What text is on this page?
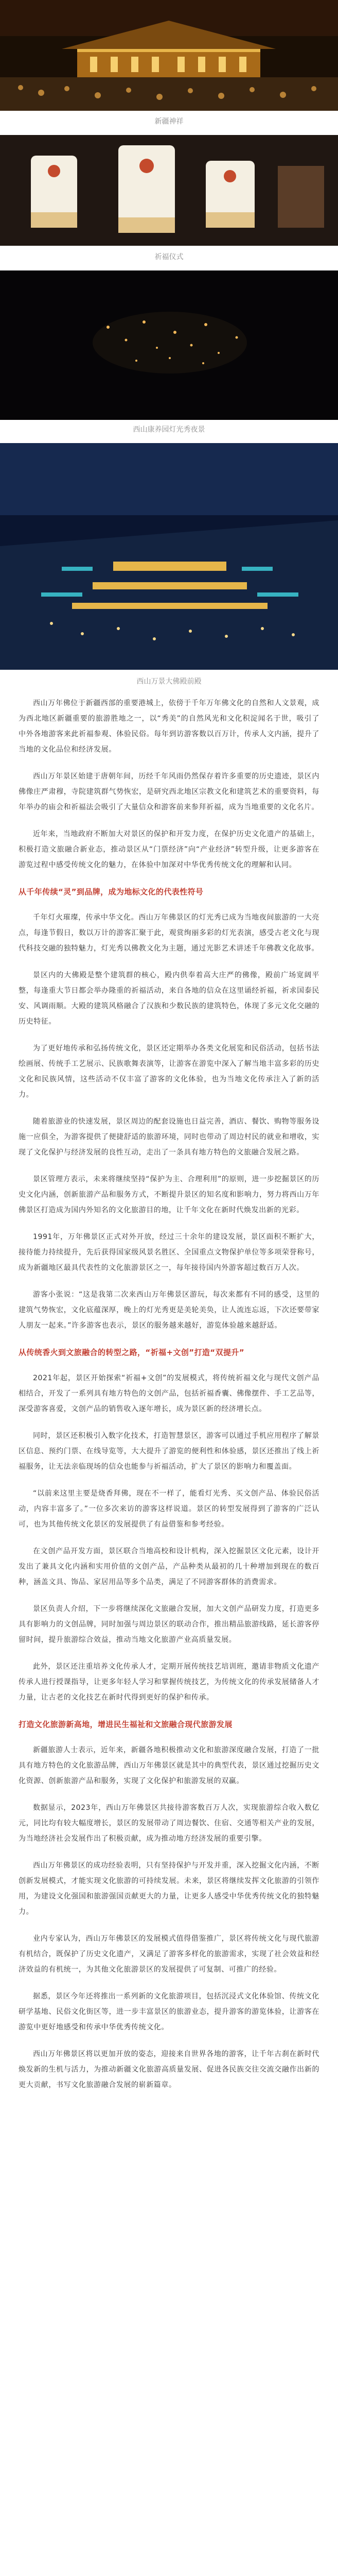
新疆神祥
祈福仪式
西山康养园灯光秀夜景
西山万景大佛殿前殿

西山万年佛位于新疆西部的重要港城上，依傍于千年万年佛文化的自然和人文景观，成为西北地区新疆重要的旅游胜地之一，以“秀美”的自然风光和文化积淀闻名于世，吸引了中外各地游客来此祈福参观、体验民俗。每年到访游客数以百万计，传承人文内涵，提升了当地的文化品位和经济发展。

西山万年景区始建于唐朝年间，历经千年风雨仍然保存着许多重要的历史遗迹，景区内佛像庄严肃穆，寺院建筑群气势恢宏，是研究西北地区宗教文化和建筑艺术的重要资料，每年举办的庙会和祈福法会吸引了大量信众和游客前来参拜祈福，成为当地重要的文化名片。

近年来，当地政府不断加大对景区的保护和开发力度，在保护历史文化遗产的基础上，积极打造文旅融合新业态，推动景区从“门票经济”向“产业经济”转型升级，让更多游客在游览过程中感受传统文化的魅力，在体验中加深对中华优秀传统文化的理解和认同。

从千年传续“灵”到品牌，成为地标文化的代表性符号

千年灯火璀璨，传承中华文化。西山万年佛景区的灯光秀已成为当地夜间旅游的一大亮点，每逢节假日，数以万计的游客汇聚于此，观赏绚丽多彩的灯光表演，感受古老文化与现代科技交融的独特魅力，灯光秀以佛教文化为主题，通过光影艺术讲述千年佛教文化故事。

景区内的大佛殿是整个建筑群的核心，殿内供奉着高大庄严的佛像，殿前广场宽阔平整，每逢重大节日都会举办隆重的祈福活动，来自各地的信众在这里诵经祈福，祈求国泰民安、风调雨顺。大殿的建筑风格融合了汉族和少数民族的建筑特色，体现了多元文化交融的历史特征。

为了更好地传承和弘扬传统文化，景区还定期举办各类文化展览和民俗活动，包括书法绘画展、传统手工艺展示、民族歌舞表演等，让游客在游览中深入了解当地丰富多彩的历史文化和民族风情，这些活动不仅丰富了游客的文化体验，也为当地文化传承注入了新的活力。

随着旅游业的快速发展，景区周边的配套设施也日益完善，酒店、餐饮、购物等服务设施一应俱全，为游客提供了便捷舒适的旅游环境，同时也带动了周边村民的就业和增收，实现了文化保护与经济发展的良性互动，走出了一条具有地方特色的文旅融合发展之路。

景区管理方表示，未来将继续坚持“保护为主、合理利用”的原则，进一步挖掘景区的历史文化内涵，创新旅游产品和服务方式，不断提升景区的知名度和影响力，努力将西山万年佛景区打造成为国内外知名的文化旅游目的地，让千年文化在新时代焕发出新的光彩。

1991年，万年佛景区正式对外开放，经过三十余年的建设发展，景区面积不断扩大，接待能力持续提升，先后获得国家级风景名胜区、全国重点文物保护单位等多项荣誉称号，成为新疆地区最具代表性的文化旅游景区之一，每年接待国内外游客超过数百万人次。

游客小张说：“这是我第二次来西山万年佛景区游玩，每次来都有不同的感受，这里的建筑气势恢宏，文化底蕴深厚，晚上的灯光秀更是美轮美奂，让人流连忘返，下次还要带家人朋友一起来。”许多游客也表示，景区的服务越来越好，游览体验越来越舒适。

从传统香火到文旅融合的转型之路，“祈福+文创”打造“双提升”

2021年起，景区开始探索“祈福+文创”的发展模式，将传统祈福文化与现代文创产品相结合，开发了一系列具有地方特色的文创产品，包括祈福香囊、佛像摆件、手工艺品等，深受游客喜爱，文创产品的销售收入逐年增长，成为景区新的经济增长点。

同时，景区还积极引入数字化技术，打造智慧景区，游客可以通过手机应用程序了解景区信息、预约门票、在线导览等，大大提升了游览的便利性和体验感，景区还推出了线上祈福服务，让无法亲临现场的信众也能参与祈福活动，扩大了景区的影响力和覆盖面。

“以前来这里主要是烧香拜佛，现在不一样了，能看灯光秀、买文创产品、体验民俗活动，内容丰富多了。”一位多次来访的游客这样说道。景区的转型发展得到了游客的广泛认可，也为其他传统文化景区的发展提供了有益借鉴和参考经验。

在文创产品开发方面，景区联合当地高校和设计机构，深入挖掘景区文化元素，设计开发出了兼具文化内涵和实用价值的文创产品，产品种类从最初的几十种增加到现在的数百种，涵盖文具、饰品、家居用品等多个品类，满足了不同游客群体的消费需求。

景区负责人介绍，下一步将继续深化文旅融合发展，加大文创产品研发力度，打造更多具有影响力的文创品牌，同时加强与周边景区的联动合作，推出精品旅游线路，延长游客停留时间，提升旅游综合效益，推动当地文化旅游产业高质量发展。

此外，景区还注重培养文化传承人才，定期开展传统技艺培训班，邀请非物质文化遗产传承人进行授课指导，让更多年轻人学习和掌握传统技艺，为传统文化的传承发展储备人才力量，让古老的文化技艺在新时代得到更好的保护和传承。

打造文化旅游新高地，增进民生福祉和文旅融合现代旅游发展

新疆旅游人士表示，近年来，新疆各地积极推动文化和旅游深度融合发展，打造了一批具有地方特色的文化旅游品牌，西山万年佛景区就是其中的典型代表，景区通过挖掘历史文化资源、创新旅游产品和服务，实现了文化保护和旅游发展的双赢。

数据显示，2023年，西山万年佛景区共接待游客数百万人次，实现旅游综合收入数亿元，同比均有较大幅度增长，景区的发展带动了周边餐饮、住宿、交通等相关产业的发展，为当地经济社会发展作出了积极贡献，成为推动地方经济发展的重要引擎。

西山万年佛景区的成功经验表明，只有坚持保护与开发并重，深入挖掘文化内涵，不断创新发展模式，才能实现文化旅游的可持续发展。未来，景区将继续发挥文化旅游的引领作用，为建设文化强国和旅游强国贡献更大的力量，让更多人感受中华优秀传统文化的独特魅力。

业内专家认为，西山万年佛景区的发展模式值得借鉴推广，景区将传统文化与现代旅游有机结合，既保护了历史文化遗产，又满足了游客多样化的旅游需求，实现了社会效益和经济效益的有机统一，为其他文化旅游景区的发展提供了可复制、可推广的经验。

据悉，景区今年还将推出一系列新的文化旅游项目，包括沉浸式文化体验馆、传统文化研学基地、民俗文化街区等，进一步丰富景区的旅游业态，提升游客的游览体验，让游客在游览中更好地感受和传承中华优秀传统文化。

西山万年佛景区将以更加开放的姿态，迎接来自世界各地的游客，让千年古刹在新时代焕发新的生机与活力，为推动新疆文化旅游高质量发展、促进各民族交往交流交融作出新的更大贡献，书写文化旅游融合发展的崭新篇章。
